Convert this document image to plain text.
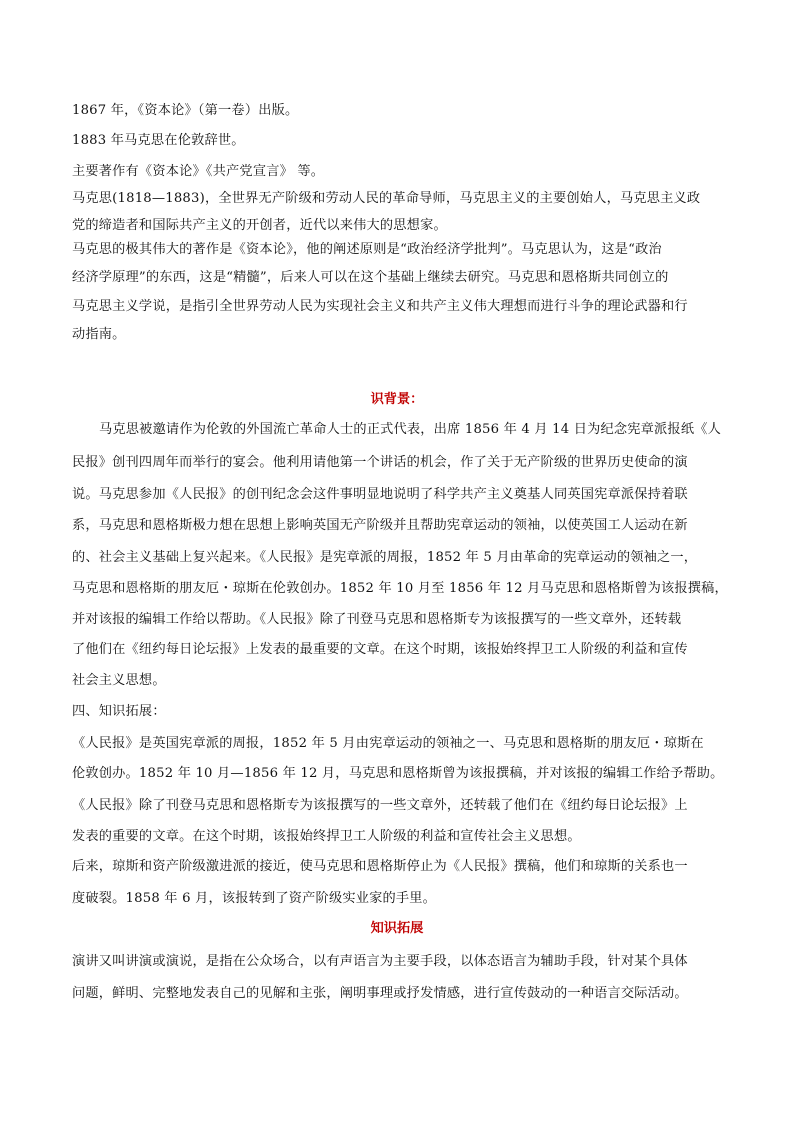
1867 年，《资本论》（第一卷）出版。
1883 年马克思在伦敦辞世。
主要著作有《资本论》《共产党宣言》 等。
马克思(1818—1883)，全世界无产阶级和劳动人民的革命导师，马克思主义的主要创始人，马克思主义政
党的缔造者和国际共产主义的开创者，近代以来伟大的思想家。
马克思的极其伟大的著作是《资本论》，他的阐述原则是“政治经济学批判”。马克思认为，这是“政治
经济学原理”的东西，这是“精髓”，后来人可以在这个基础上继续去研究。马克思和恩格斯共同创立的
马克思主义学说，是指引全世界劳动人民为实现社会主义和共产主义伟大理想而进行斗争的理论武器和行
动指南。
识背景：
马克思被邀请作为伦敦的外国流亡革命人士的正式代表，出席 1856 年 4 月 14 日为纪念宪章派报纸《人
民报》创刊四周年而举行的宴会。他利用请他第一个讲话的机会，作了关于无产阶级的世界历史使命的演
说。马克思参加《人民报》的创刊纪念会这件事明显地说明了科学共产主义奠基人同英国宪章派保持着联
系，马克思和恩格斯极力想在思想上影响英国无产阶级并且帮助宪章运动的领袖，以使英国工人运动在新
的、社会主义基础上复兴起来。《人民报》是宪章派的周报，1852 年 5 月由革命的宪章运动的领袖之一，
马克思和恩格斯的朋友厄・琼斯在伦敦创办。1852 年 10 月至 1856 年 12 月马克思和恩格斯曾为该报撰稿，
并对该报的编辑工作给以帮助。《人民报》除了刊登马克思和恩格斯专为该报撰写的一些文章外，还转载
了他们在《纽约每日论坛报》上发表的最重要的文章。在这个时期，该报始终捍卫工人阶级的利益和宣传
社会主义思想。
四、知识拓展：
《人民报》是英国宪章派的周报，1852 年 5 月由宪章运动的领袖之一、马克思和恩格斯的朋友厄・琼斯在
伦敦创办。1852 年 10 月—1856 年 12 月，马克思和恩格斯曾为该报撰稿，并对该报的编辑工作给予帮助。
《人民报》除了刊登马克思和恩格斯专为该报撰写的一些文章外，还转载了他们在《纽约每日论坛报》上
发表的重要的文章。在这个时期，该报始终捍卫工人阶级的利益和宣传社会主义思想。
后来，琼斯和资产阶级激进派的接近，使马克思和恩格斯停止为《人民报》撰稿，他们和琼斯的关系也一
度破裂。1858 年 6 月，该报转到了资产阶级实业家的手里。
知识拓展
演讲又叫讲演或演说，是指在公众场合，以有声语言为主要手段，以体态语言为辅助手段，针对某个具体
问题，鲜明、完整地发表自己的见解和主张，阐明事理或抒发情感，进行宣传鼓动的一种语言交际活动。
